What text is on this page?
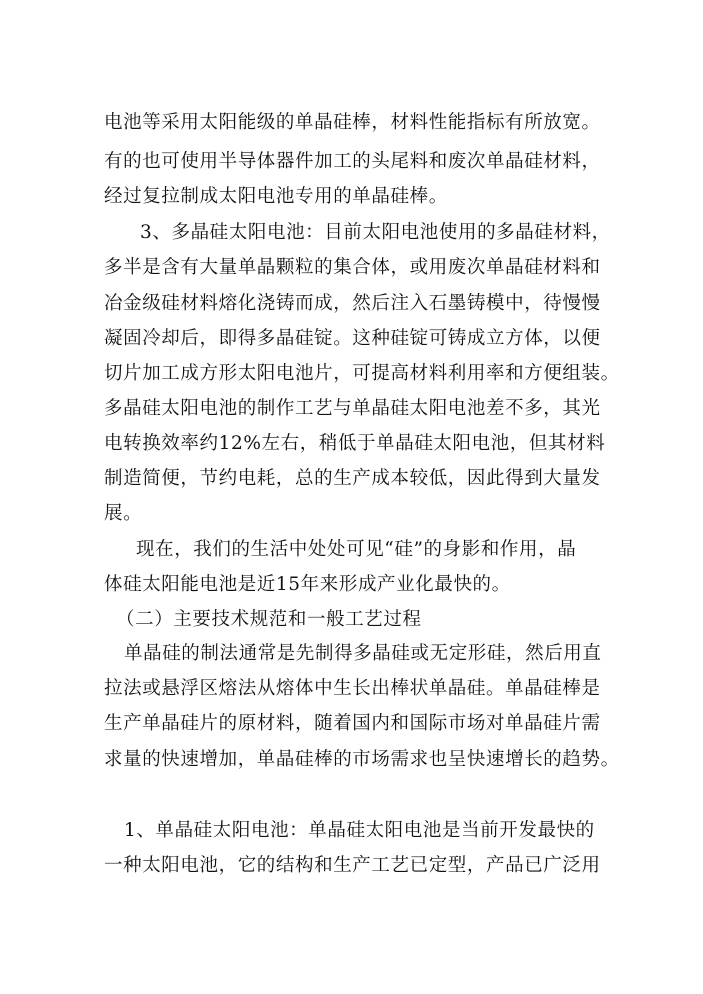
电池等采用太阳能级的单晶硅棒，材料性能指标有所放宽。
有的也可使用半导体器件加工的头尾料和废次单晶硅材料，
经过复拉制成太阳电池专用的单晶硅棒。
3、多晶硅太阳电池：目前太阳电池使用的多晶硅材料，
多半是含有大量单晶颗粒的集合体，或用废次单晶硅材料和
冶金级硅材料熔化浇铸而成，然后注入石墨铸模中，待慢慢
凝固冷却后，即得多晶硅锭。这种硅锭可铸成立方体，以便
切片加工成方形太阳电池片，可提高材料利用率和方便组装。
多晶硅太阳电池的制作工艺与单晶硅太阳电池差不多，其光
电转换效率约12%左右，稍低于单晶硅太阳电池，但其材料
制造简便，节约电耗，总的生产成本较低，因此得到大量发
展。
现在，我们的生活中处处可见“硅”的身影和作用，晶
体硅太阳能电池是近15年来形成产业化最快的。
（二）主要技术规范和一般工艺过程
单晶硅的制法通常是先制得多晶硅或无定形硅，然后用直
拉法或悬浮区熔法从熔体中生长出棒状单晶硅。单晶硅棒是
生产单晶硅片的原材料，随着国内和国际市场对单晶硅片需
求量的快速增加，单晶硅棒的市场需求也呈快速增长的趋势。
1、单晶硅太阳电池：单晶硅太阳电池是当前开发最快的
一种太阳电池，它的结构和生产工艺已定型，产品已广泛用
